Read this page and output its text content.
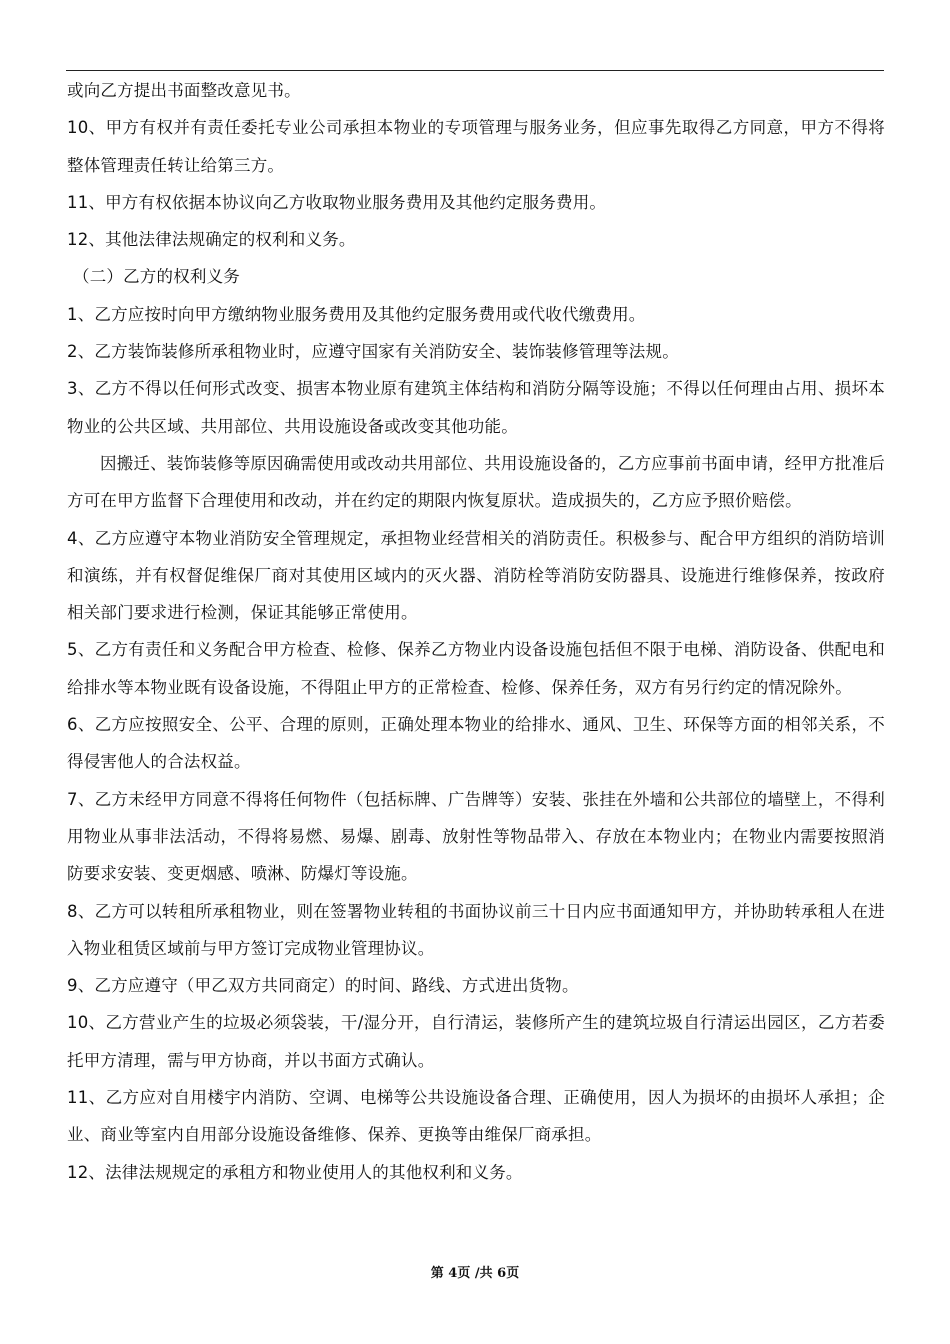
或向乙方提出书面整改意见书。

10、甲方有权并有责任委托专业公司承担本物业的专项管理与服务业务，但应事先取得乙方同意，甲方不得将整体管理责任转让给第三方。

11、甲方有权依据本协议向乙方收取物业服务费用及其他约定服务费用。

12、其他法律法规确定的权利和义务。

（二）乙方的权利义务

1、乙方应按时向甲方缴纳物业服务费用及其他约定服务费用或代收代缴费用。

2、乙方装饰装修所承租物业时，应遵守国家有关消防安全、装饰装修管理等法规。

3、乙方不得以任何形式改变、损害本物业原有建筑主体结构和消防分隔等设施；不得以任何理由占用、损坏本物业的公共区域、共用部位、共用设施设备或改变其他功能。

因搬迁、装饰装修等原因确需使用或改动共用部位、共用设施设备的，乙方应事前书面申请，经甲方批准后方可在甲方监督下合理使用和改动，并在约定的期限内恢复原状。造成损失的，乙方应予照价赔偿。

4、乙方应遵守本物业消防安全管理规定，承担物业经营相关的消防责任。积极参与、配合甲方组织的消防培训和演练，并有权督促维保厂商对其使用区域内的灭火器、消防栓等消防安防器具、设施进行维修保养，按政府相关部门要求进行检测，保证其能够正常使用。

5、乙方有责任和义务配合甲方检查、检修、保养乙方物业内设备设施包括但不限于电梯、消防设备、供配电和给排水等本物业既有设备设施，不得阻止甲方的正常检查、检修、保养任务，双方有另行约定的情况除外。

6、乙方应按照安全、公平、合理的原则，正确处理本物业的给排水、通风、卫生、环保等方面的相邻关系，不得侵害他人的合法权益。

7、乙方未经甲方同意不得将任何物件（包括标牌、广告牌等）安装、张挂在外墙和公共部位的墙壁上，不得利用物业从事非法活动，不得将易燃、易爆、剧毒、放射性等物品带入、存放在本物业内；在物业内需要按照消防要求安装、变更烟感、喷淋、防爆灯等设施。

8、乙方可以转租所承租物业，则在签署物业转租的书面协议前三十日内应书面通知甲方，并协助转承租人在进入物业租赁区域前与甲方签订完成物业管理协议。

9、乙方应遵守（甲乙双方共同商定）的时间、路线、方式进出货物。

10、乙方营业产生的垃圾必须袋装，干/湿分开，自行清运，装修所产生的建筑垃圾自行清运出园区，乙方若委托甲方清理，需与甲方协商，并以书面方式确认。

11、乙方应对自用楼宇内消防、空调、电梯等公共设施设备合理、正确使用，因人为损坏的由损坏人承担；企业、商业等室内自用部分设施设备维修、保养、更换等由维保厂商承担。

12、法律法规规定的承租方和物业使用人的其他权利和义务。

第 4页 /共 6页
